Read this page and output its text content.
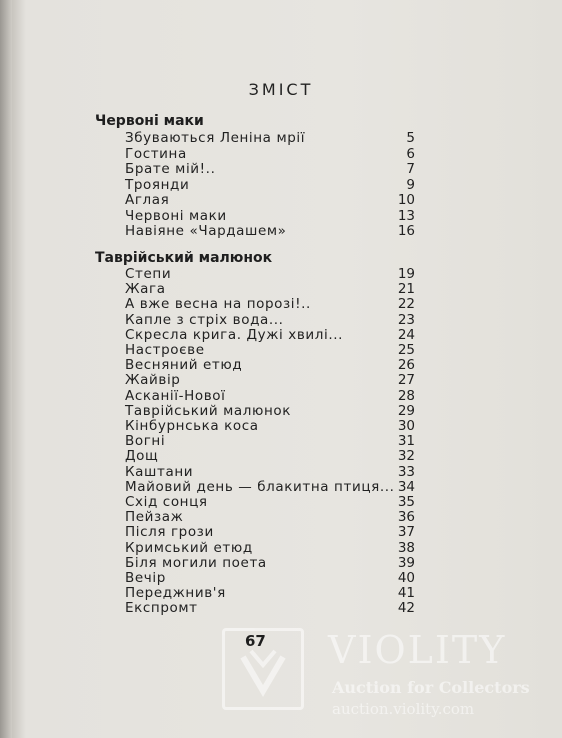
ЗМІСТ
Червоні маки
Збуваються Леніна мрії	5
Гостина	6
Брате мій!..	7
Троянди	9
Аглая	10
Червоні маки	13
Навіяне «Чардашем»	16
Таврійський малюнок
Степи	19
Жага	21
А вже весна на порозі!..	22
Капле з стріх вода...	23
Скресла крига. Дужі хвилі...	24
Настроєве	25
Весняний етюд	26
Жайвір	27
Асканії-Нової	28
Таврійський малюнок	29
Кінбурнська коса	30
Вогні	31
Дощ	32
Каштани	33
Майовий день — блакитна птиця... 34
Схід сонця	35
Пейзаж	36
Після грози	37
Кримський етюд	38
Біля могили поета	39
Вечір	40
Переджнив'я	41
Експромт	42
67 VIOLITY
Auction for Collectors
auction.violity.com
